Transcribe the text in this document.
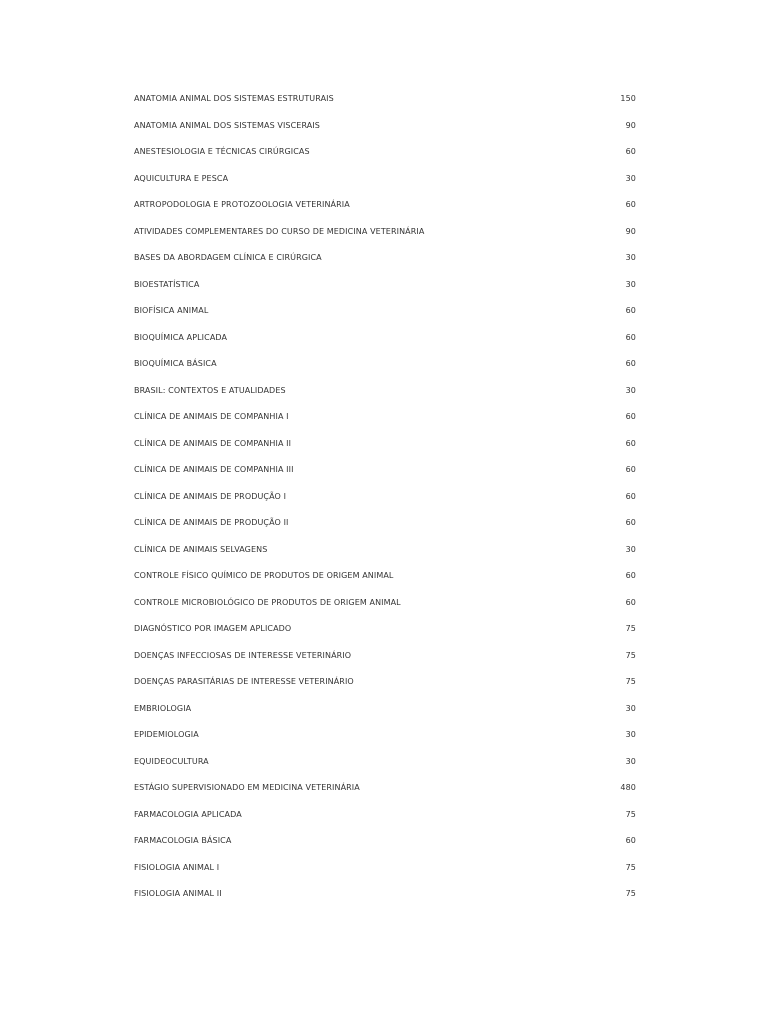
ANATOMIA ANIMAL DOS SISTEMAS ESTRUTURAIS	150
ANATOMIA ANIMAL DOS SISTEMAS VISCERAIS	90
ANESTESIOLOGIA E TÉCNICAS CIRÚRGICAS	60
AQUICULTURA E PESCA	30
ARTROPODOLOGIA E PROTOZOOLOGIA VETERINÁRIA	60
ATIVIDADES COMPLEMENTARES DO CURSO DE MEDICINA VETERINÁRIA	90
BASES DA ABORDAGEM CLÍNICA E CIRÚRGICA	30
BIOESTATÍSTICA	30
BIOFÍSICA ANIMAL	60
BIOQUÍMICA APLICADA	60
BIOQUÍMICA BÁSICA	60
BRASIL: CONTEXTOS E ATUALIDADES	30
CLÍNICA DE ANIMAIS DE COMPANHIA I	60
CLÍNICA DE ANIMAIS DE COMPANHIA II	60
CLÍNICA DE ANIMAIS DE COMPANHIA III	60
CLÍNICA DE ANIMAIS DE PRODUÇÃO I	60
CLÍNICA DE ANIMAIS DE PRODUÇÃO II	60
CLÍNICA DE ANIMAIS SELVAGENS	30
CONTROLE FÍSICO QUÍMICO DE PRODUTOS DE ORIGEM ANIMAL	60
CONTROLE MICROBIOLÓGICO DE PRODUTOS DE ORIGEM ANIMAL	60
DIAGNÓSTICO POR IMAGEM APLICADO	75
DOENÇAS INFECCIOSAS DE INTERESSE VETERINÁRIO	75
DOENÇAS PARASITÁRIAS DE INTERESSE VETERINÁRIO	75
EMBRIOLOGIA	30
EPIDEMIOLOGIA	30
EQUIDEOCULTURA	30
ESTÁGIO SUPERVISIONADO EM MEDICINA VETERINÁRIA	480
FARMACOLOGIA APLICADA	75
FARMACOLOGIA BÁSICA	60
FISIOLOGIA ANIMAL I	75
FISIOLOGIA ANIMAL II	75
